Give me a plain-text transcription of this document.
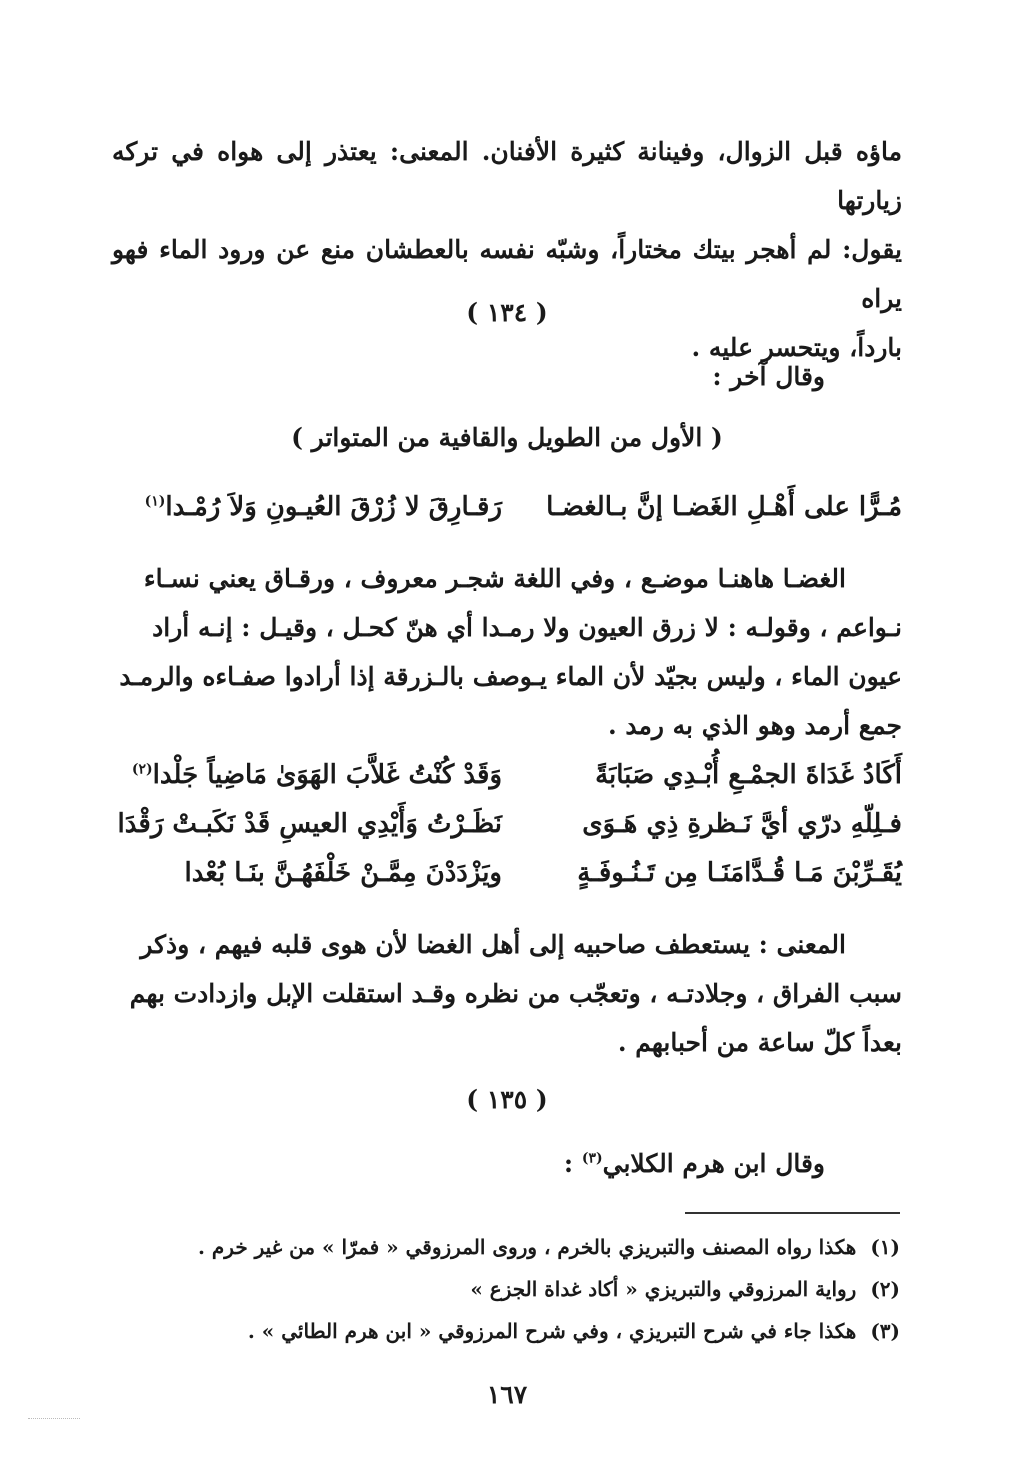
ماؤه قبل الزوال، وفينانة كثيرة الأفنان. المعنى: يعتذر إلى هواه في تركه زيارتها

يقول: لم أهجر بيتك مختاراً، وشبّه نفسه بالعطشان منع عن ورود الماء فهو يراه

بارداً، ويتحسر عليه .

( ١٣٤ )
وقال آخر :
( الأول من الطويل والقافية من المتواتر )
مُـرًّا على أَهْـلِ الغَضـا إنَّ بـالغضـا
رَقـارِقَ لا زُرْقَ العُيـونِ وَلاَ رُمْـدا$^{(١)}$

الغضـا هاهنـا موضـع ، وفي اللغة شجـر معروف ، ورقـاق يعني نسـاء

نـواعم ، وقولـه : لا زرق العيون ولا رمـدا أي هنّ كحـل ، وقيـل : إنـه أراد

عيون الماء ، وليس بجيّد لأن الماء يـوصف بالـزرقة إذا أرادوا صفـاءه والرمـد

جمع أرمد وهو الذي به رمد .

أَكَادُ غَدَاةَ الجمْـعِ أُبْـدِي صَبَابَةً
وَقَدْ كُنْتُ غَلاَّبَ الهَوَىٰ مَاضِياً جَلْدا$^{(٢)}$
فـلِلّهِ درّي أيَّ نَـظرةِ ذِي هَـوَى
نَظَـرْتُ وَأَيْدِي العيسِ قَدْ نَكَبـتْ رَقْدَا
يُقَـرِّبْنَ مَـا قُـدَّامَنَـا مِن تَـنُـوفَـةٍ
ويَزْدَدْنَ مِمَّـنْ خَلْفَهُـنَّ بنَـا بُعْدا

المعنى : يستعطف صاحبيه إلى أهل الغضا لأن هوى قلبه فيهم ، وذكر

سبب الفراق ، وجلادتـه ، وتعجّب من نظره وقـد استقلت الإبل وازدادت بهم

بعداً كلّ ساعة من أحبابهم .

( ١٣٥ )
وقال ابن هرم الكلابي$^{(٣)}$ :
(١)هكذا رواه المصنف والتبريزي بالخرم ، وروى المرزوقي « فمرّا » من غير خرم .
(٢)رواية المرزوقي والتبريزي « أكاد غداة الجزع »
(٣)هكذا جاء في شرح التبريزي ، وفي شرح المرزوقي « ابن هرم الطائي » .
١٦٧
